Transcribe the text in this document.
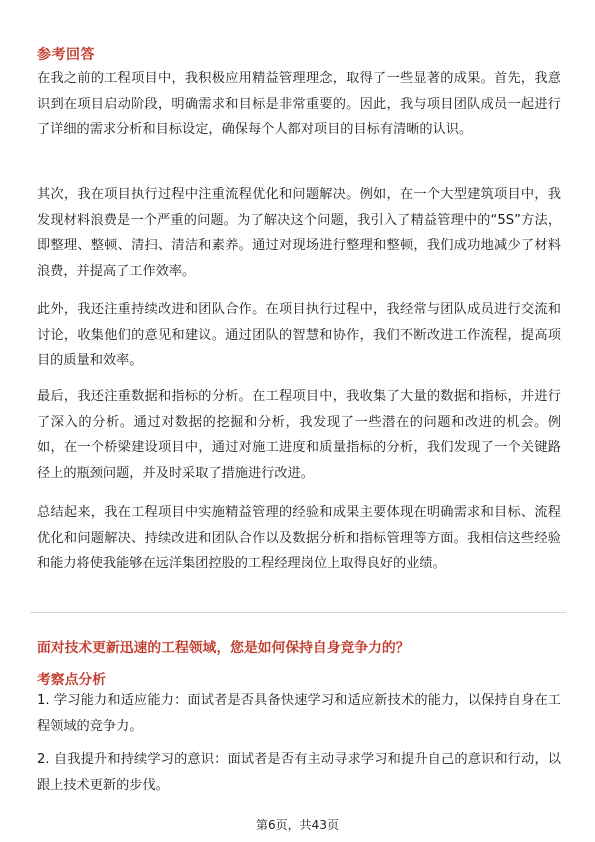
参考回答

在我之前的工程项目中，我积极应用精益管理理念，取得了一些显著的成果。首先，我意识到在项目启动阶段，明确需求和目标是非常重要的。因此，我与项目团队成员一起进行了详细的需求分析和目标设定，确保每个人都对项目的目标有清晰的认识。

其次，我在项目执行过程中注重流程优化和问题解决。例如，在一个大型建筑项目中，我发现材料浪费是一个严重的问题。为了解决这个问题，我引入了精益管理中的“5S”方法，即整理、整顿、清扫、清洁和素养。通过对现场进行整理和整顿，我们成功地减少了材料浪费，并提高了工作效率。

此外，我还注重持续改进和团队合作。在项目执行过程中，我经常与团队成员进行交流和讨论，收集他们的意见和建议。通过团队的智慧和协作，我们不断改进工作流程，提高项目的质量和效率。

最后，我还注重数据和指标的分析。在工程项目中，我收集了大量的数据和指标，并进行了深入的分析。通过对数据的挖掘和分析，我发现了一些潜在的问题和改进的机会。例如，在一个桥梁建设项目中，通过对施工进度和质量指标的分析，我们发现了一个关键路径上的瓶颈问题，并及时采取了措施进行改进。

总结起来，我在工程项目中实施精益管理的经验和成果主要体现在明确需求和目标、流程优化和问题解决、持续改进和团队合作以及数据分析和指标管理等方面。我相信这些经验和能力将使我能够在远洋集团控股的工程经理岗位上取得良好的业绩。

面对技术更新迅速的工程领域，您是如何保持自身竞争力的？
考察点分析

1. 学习能力和适应能力：面试者是否具备快速学习和适应新技术的能力，以保持自身在工程领域的竞争力。

2. 自我提升和持续学习的意识：面试者是否有主动寻求学习和提升自己的意识和行动，以跟上技术更新的步伐。

第6页，共43页
